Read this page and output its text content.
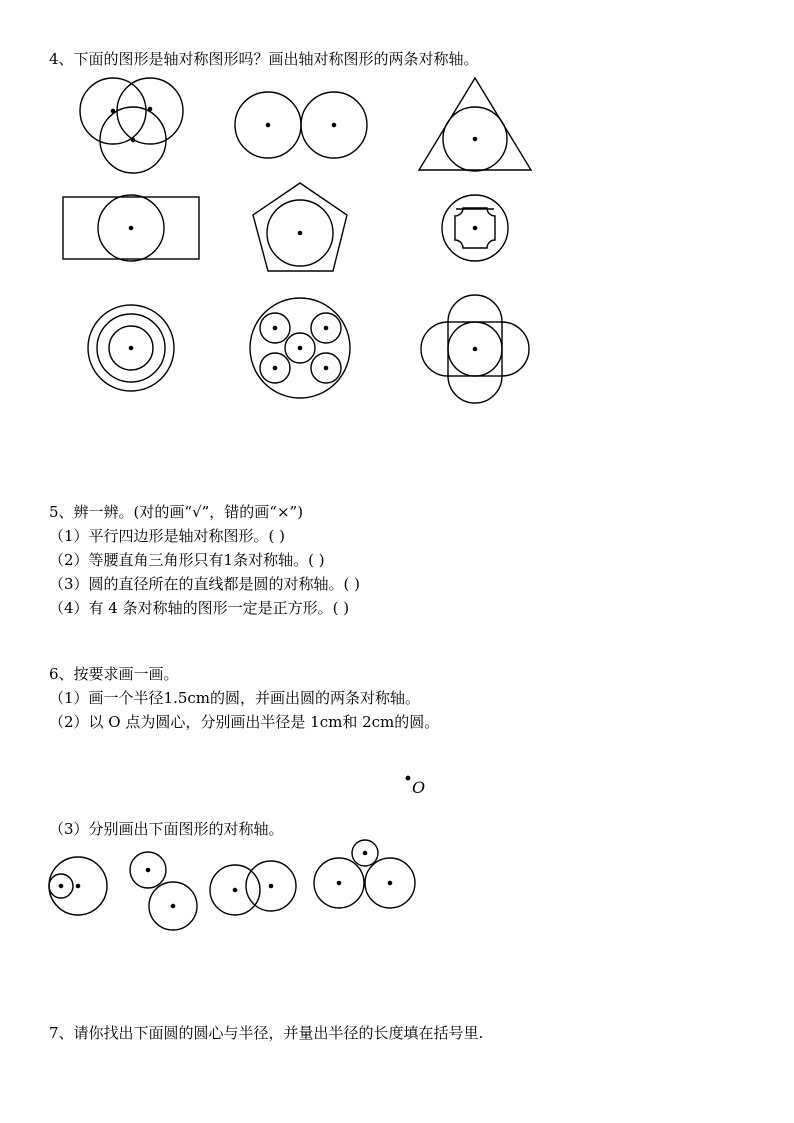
4、下面的图形是轴对称图形吗？画出轴对称图形的两条对称轴。
5、辨一辨。(对的画“√”，错的画“×”)
（1）平行四边形是轴对称图形。( )
（2）等腰直角三角形只有1条对称轴。( )
（3）圆的直径所在的直线都是圆的对称轴。( )
（4）有 4 条对称轴的图形一定是正方形。( )
6、按要求画一画。
（1）画一个半径1.5cm的圆，并画出圆的两条对称轴。
（2）以 O 点为圆心，分别画出半径是 1cm和 2cm的圆。
O
（3）分别画出下面图形的对称轴。
7、请你找出下面圆的圆心与半径，并量出半径的长度填在括号里.
